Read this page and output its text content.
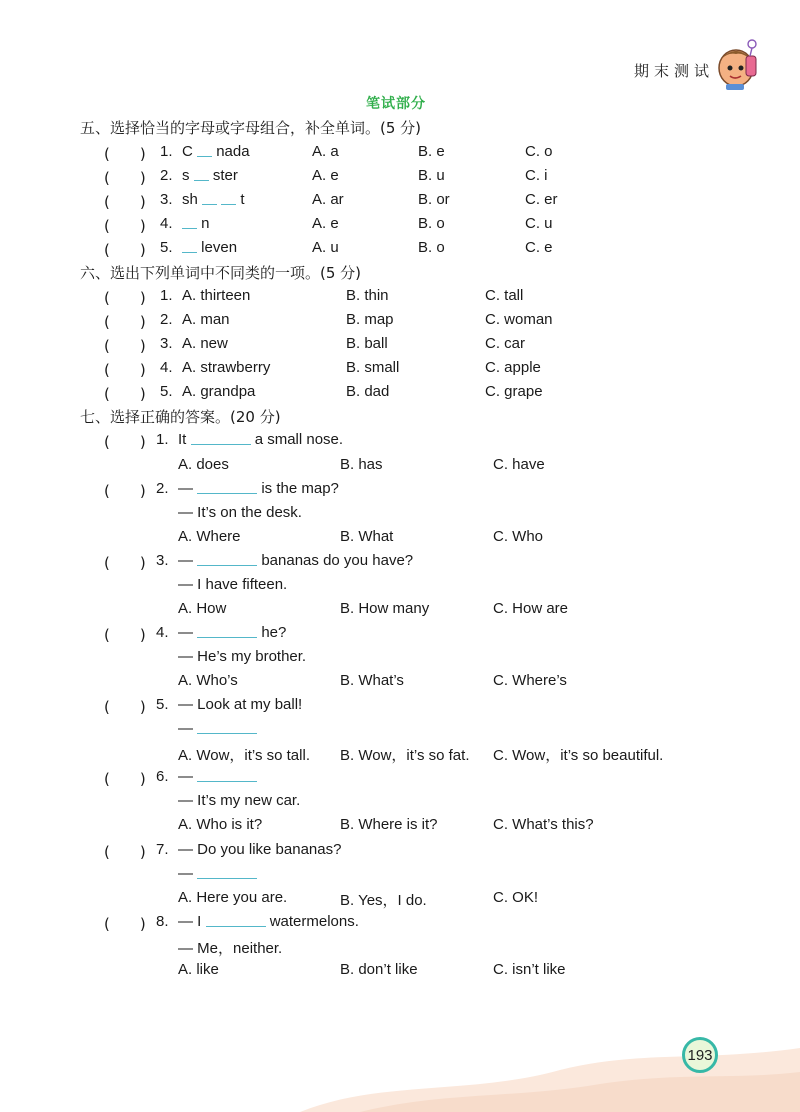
期末测试
笔试部分
五、选择恰当的字母或字母组合，补全单词。(5 分)
(　　) 1. C nada	A. a	B. e	C. o
(　　) 2. s ster	A. e	B. u	C. i
(　　) 3. sh	t	A. ar	B. or	C. er
(　　) 4.	n	A. e	B. o	C. u
(　　) 5.	leven	A. u	B. o	C. e
六、选出下列单词中不同类的一项。(5 分)
(　　) 1. A. thirteen	B. thin	C. tall
(　　) 2. A. man	B. map	C. woman
(　　) 3. A. new	B. ball	C. car
(　　) 4. A. strawberry	B. small	C. apple
(　　) 5. A. grandpa	B. dad	C. grape
七、选择正确的答案。(20 分)
(　　) 1. It	a small nose.
A. does	B. has	C. have
(　　) 2. —	is the map?
— It’s on the desk.
A. Where	B. What	C. Who
(　　) 3. —	bananas do you have?
— I have fifteen.
A. How	B. How many	C. How are
(　　) 4. —	he?
— He’s my brother.
A. Who’s	B. What’s	C. Where’s
(　　) 5. — Look at my ball!
—
A. Wow，it’s so tall. B. Wow，it’s so fat. C. Wow，it’s so beautiful.
(　　) 6. —
— It’s my new car.
A. Who is it?	B. Where is it?	C. What’s this?
(　　) 7. — Do you like bananas?
—
A. Here you are.	B. Yes，I do.	C. OK!
(　　) 8. — I	watermelons.
— Me，neither.
A. like	B. don’t like	C. isn’t like
193
